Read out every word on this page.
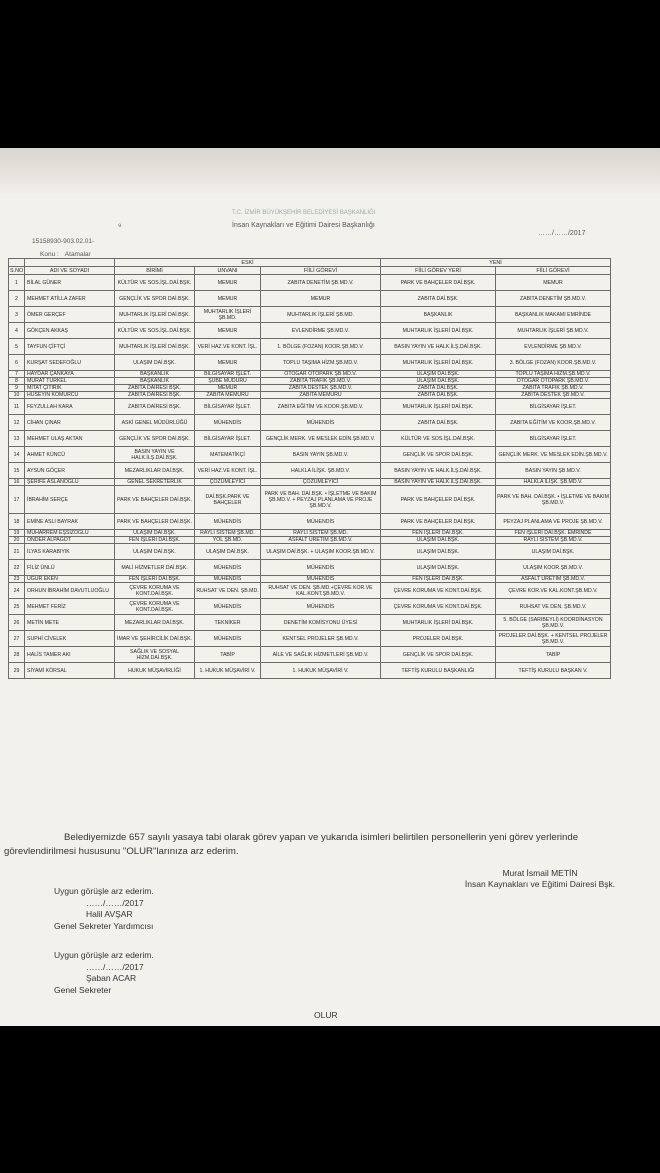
T.C. İZMİR BÜYÜKŞEHİR BELEDİYESİ BAŞKANLIĞI
⁹	İnsan Kaynakları ve Eğitimi Dairesi Başkanlığı
15158930-903.02.01-
……/……/2017
Konu : Atamalar
		ESKİ			YENİ	
S.NO	ADI VE SOYADI	BİRİMİ	UNVANI	FİİLİ GÖREVİ	FİİLİ GÖREV YERİ	FİİLİ GÖREVİ
1	BİLAL GÜNER	KÜLTÜR VE SOS.İŞL.DAİ.BŞK.	MEMUR	ZABITA DENETİM ŞB.MD.V.	PARK VE BAHÇELER DAİ.BŞK.	MEMUR
2	MEHMET ATİLLA ZAFER	GENÇLİK VE SPOR DAİ.BŞK.	MEMUR	MEMUR	ZABITA DAİ.BŞK.	ZABITA DENETİM ŞB.MD.V.
3	ÖMER GERÇEF	MUHTARLIK İŞLERİ DAİ.BŞK.	MUHTARLIK İŞLERİ ŞB.MD.	MUHTARLIK İŞLERİ ŞB.MD.	BAŞKANLIK	BAŞKANLIK MAKAMI EMRİNDE
4	GÖKÇEN AKKAŞ	KÜLTÜR VE SOS.İŞL.DAİ.BŞK.	MEMUR	EVLENDİRME ŞB.MD.V.	MUHTARLIK İŞLERİ DAİ.BŞK.	MUHTARLIK İŞLERİ ŞB.MD.V.
5	TAYFUN ÇİFTÇİ	MUHTARLIK İŞLERİ DAİ.BŞK.	VERİ HAZ.VE KONT. İŞL.	1. BÖLGE (FOZAN) KOOR.ŞB.MD.V.	BASIN YAYIN VE HALK.İLŞ.DAİ.BŞK.	EVLENDİRME ŞB.MD.V.
6	KURŞAT SEDEFOĞLU	ULAŞIM DAİ.BŞK.	MEMUR	TOPLU TAŞIMA HİZM.ŞB.MD.V.	MUHTARLIK İŞLERİ DAİ.BŞK.	3. BÖLGE (FOZAN) KOOR.ŞB.MD.V.
7	HAYDAR ÇANKAYA	BAŞKANLIK	BİLGİSAYAR İŞLET.	OTOGAR OTOPARK ŞB.MD.V.	ULAŞIM DAİ.BŞK.	TOPLU TAŞIMA HİZM.ŞB.MD.V.
8	MURAT TÜRKEL	BAŞKANLIK	ŞUBE MÜDÜRÜ	ZABITA TRAFİK ŞB.MD.V.	ULAŞIM DAİ.BŞK.	OTOGAR OTOPARK ŞB.MD.V.
9	MİTAT ÇITIRIK	ZABITA DAİRESİ BŞK.	MEMUR	ZABITA DESTEK ŞB.MD.V.	ZABITA DAİ.BŞK.	ZABITA TRAFİK ŞB.MD.V.
10	HÜSEYİN KÖMÜRCÜ	ZABITA DAİRESİ BŞK.	ZABITA MEMURU	ZABITA MEMURU	ZABITA DAİ.BŞK.	ZABITA DESTEK ŞB.MD.V.
11	FEYZULLAH KARA	ZABITA DAİRESİ BŞK.	BİLGİSAYAR İŞLET.	ZABITA EĞİTİM VE KOOR.ŞB.MD.V.	MUHTARLIK İŞLERİ DAİ.BŞK.	BİLGİSAYAR İŞLET.
12	CİHAN ÇINAR	ASKİ GENEL MÜDÜRLÜĞÜ	MÜHENDİS	MÜHENDİS	ZABITA DAİ.BŞK.	ZABITA EĞİTİM VE KOOR.ŞB.MD.V.
13	MEHMET ULAŞ AKTAN	GENÇLİK VE SPOR DAİ.BŞK.	BİLGİSAYAR İŞLET.	GENÇLİK MERK. VE MESLEK EDİN.ŞB.MD.V.	KÜLTÜR VE SOS.İŞL.DAİ.BŞK.	BİLGİSAYAR İŞLET.
14	AHMET KÜNCÜ	BASIN YAYIN VE HALK.İLŞ.DAİ.BŞK.	MATEMATİKÇİ	BASIN YAYIN ŞB.MD.V.	GENÇLİK VE SPOR DAİ.BŞK.	GENÇLİK MERK. VE MESLEK EDİN.ŞB.MD.V.
15	AYSUN GÖÇER	MEZARLIKLAR DAİ.BŞK.	VERİ HAZ.VE KONT. İŞL.	HALKLA İLİŞK. ŞB.MD.V.	BASIN YAYIN VE HALK.İLŞ.DAİ.BŞK.	BASIN YAYIN ŞB.MD.V.
16	ŞERİFE ASLANOĞLU	GENEL SEKRETERLİK	ÇÖZÜMLEYİCİ	ÇÖZÜMLEYİCİ	BASIN YAYIN VE HALK.İLŞ.DAİ.BŞK.	HALKLA İLİŞK. ŞB.MD.V.
17	İBRAHİM SERÇE	PARK VE BAHÇELER DAİ.BŞK.	DAİ.BŞK.PARK VE BAHÇELER	PARK VE BAH. DAİ.BŞK. • İŞLETME VE BAKIM ŞB.MD.V. + PEYZAJ PLANLAMA VE PROJE ŞB.MD.V.	PARK VE BAHÇELER DAİ.BŞK.	PARK VE BAH. DAİ.BŞK. • İŞLETME VE BAKIM ŞB.MD.V.
18	EMİNE ASLI BAYRAK	PARK VE BAHÇELER DAİ.BŞK.	MÜHENDİS	MÜHENDİS	PARK VE BAHÇELER DAİ.BŞK.	PEYZAJ PLANLAMA VE PROJE ŞB.MD.V.
19	MUHARREM EŞSİZOĞLU	ULAŞIM DAİ.BŞK.	RAYLI SİSTEM ŞB.MD.	RAYLI SİSTEM ŞB.MD.	FEN İŞLERİ DAİ.BŞK.	FEN İŞLERİ DAİ.BŞK. EMRİNDE
20	ÖNDER ALPAGOT	FEN İŞLERİ DAİ.BŞK.	YOL ŞB.MD.	ASFALT ÜRETİM ŞB.MD.V.	ULAŞIM DAİ.BŞK.	RAYLI SİSTEM ŞB.MD.V.
21	İLYAS KARABIYIK	ULAŞIM DAİ.BŞK.	ULAŞIM DAİ.BŞK.	ULAŞIM DAİ.BŞK. + ULAŞIM KOOR.ŞB.MD.V.	ULAŞIM DAİ.BŞK.	ULAŞIM DAİ.BŞK.
22	FİLİZ ÜNLÜ	MALİ HİZMETLER DAİ.BŞK.	MÜHENDİS	MÜHENDİS	ULAŞIM DAİ.BŞK.	ULAŞIM KOOR.ŞB.MD.V.
23	UĞUR EKEN	FEN İŞLERİ DAİ.BŞK.	MÜHENDİS	MÜHENDİS	FEN İŞLERİ DAİ.BŞK.	ASFALT ÜRETİM ŞB.MD.V.
24	ORHUN İBRAHİM DAVUTLUOĞLU	ÇEVRE KORUMA VE KONT.DAİ.BŞK.	RUHSAT VE DEN. ŞB.MD.	RUHSAT VE DEN. ŞB.MD.+ÇEVRE KOR.VE KAL.KONT.ŞB.MD.V.	ÇEVRE KORUMA VE KONT.DAİ.BŞK.	ÇEVRE KOR.VE KAL.KONT.ŞB.MD.V.
25	MEHMET FERİZ	ÇEVRE KORUMA VE KONT.DAİ.BŞK.	MÜHENDİS	MÜHENDİS	ÇEVRE KORUMA VE KONT.DAİ.BŞK.	RUHSAT VE DEN. ŞB.MD.V.
26	METİN METE	MEZARLIKLAR DAİ.BŞK.	TEKNİKER	DENETİM KOMİSYONU ÜYESİ	MUHTARLIK İŞLERİ DAİ.BŞK.	5. BÖLGE (SARIBEYLİ) KOORDİNASYON ŞB.MD.V.
27	SUPHİ CİVELEK	İMAR VE ŞEHİRCİLİK DAİ.BŞK.	MÜHENDİS	KENTSEL PROJELER ŞB.MD.V.	PROJELER DAİ.BŞK.	PROJELER DAİ.BŞK. + KENTSEL PROJELER ŞB.MD.V.
28	HALİS TAMER AKI	SAĞLIK VE SOSYAL HİZM.DAİ.BŞK.	TABİP	AİLE VE SAĞLIK HİZMETLERİ ŞB.MD.V.	GENÇLİK VE SPOR DAİ.BŞK.	TABİP
29	SİYAMİ KÖRSAL	HUKUK MÜŞAVİRLİĞİ	1. HUKUK MÜŞAVİRİ V.	1. HUKUK MÜŞAVİRİ V.	TEFTİŞ KURULU BAŞKANLIĞI	TEFTİŞ KURULU BAŞKAN V.

Belediyemizde 657 sayılı yasaya tabi olarak görev yapan ve yukarıda isimleri belirtilen personellerin yeni görev yerlerinde

görevlendirilmesi hususunu "OLUR"larınıza arz ederim.

Murat İsmail METİN
İnsan Kaynakları ve Eğitimi Dairesi Bşk.
Uygun görüşle arz ederim.
……/……/2017
Halil AVŞAR
Genel Sekreter Yardımcısı
Uygun görüşle arz ederim.
……/……/2017
Şaban ACAR
Genel Sekreter
OLUR
